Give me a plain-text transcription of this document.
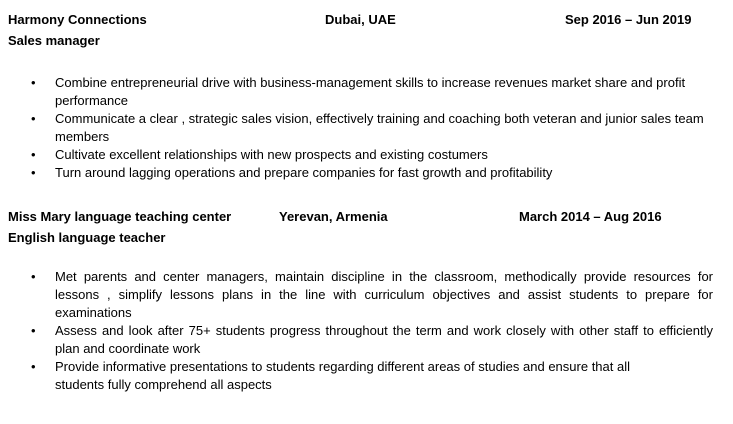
Harmony Connections	Dubai, UAE	Sep 2016 – Jun 2019
Sales manager
• Combine entrepreneurial drive with business-management skills to increase revenues market share and profit performance
• Communicate a clear , strategic sales vision, effectively training and coaching both veteran and junior sales team members
• Cultivate excellent relationships with new prospects and existing costumers
• Turn around lagging operations and prepare companies for fast growth and profitability
Miss Mary language teaching center	Yerevan, Armenia	March 2014 – Aug 2016
English language teacher
• Met parents and center managers, maintain discipline in the classroom, methodically provide resources for lessons , simplify lessons plans in the line with curriculum objectives and assist students to prepare for examinations
• Assess and look after 75+ students progress throughout the term and work closely with other staff to efficiently plan and coordinate work
• Provide informative presentations to students regarding different areas of studies and ensure that all students fully comprehend all aspects
